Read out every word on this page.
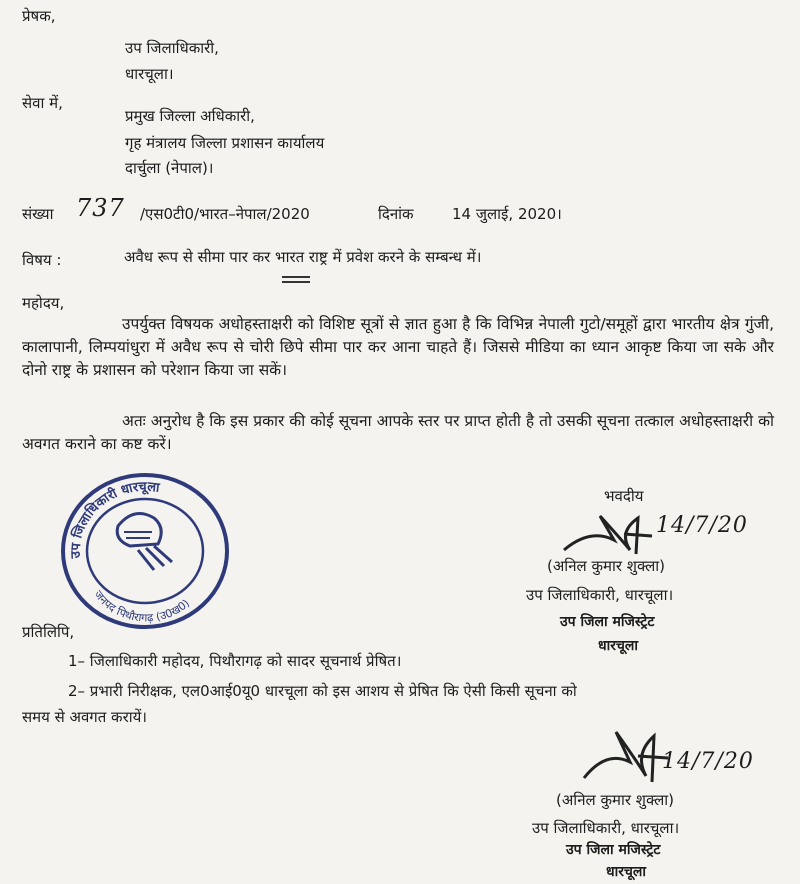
प्रेषक,
उप जिलाधिकारी,
धारचूला।
सेवा में,
प्रमुख जिल्ला अधिकारी,
गृह मंत्रालय जिल्ला प्रशासन कार्यालय
दार्चुला (नेपाल)।
संख्या 737 /एस0टी0/भारत–नेपाल/2020	दिनांक	14 जुलाई, 2020।
विषय :	अवैध रूप से सीमा पार कर भारत राष्ट्र में प्रवेश करने के सम्बन्ध में।
महोदय,
उपर्युक्त विषयक अधोहस्ताक्षरी को विशिष्ट सूत्रों से ज्ञात हुआ है कि विभिन्न नेपाली गुटो/समूहों द्वारा भारतीय क्षेत्र गुंजी, कालापानी, लिम्पयांधुरा में अवैध रूप से चोरी छिपे सीमा पार कर आना चाहते हैं। जिससे मीडिया का ध्यान आकृष्ट किया जा सके और दोनो राष्ट्र के प्रशासन को परेशान किया जा सकें।
अतः अनुरोध है कि इस प्रकार की कोई सूचना आपके स्तर पर प्राप्त होती है तो उसकी सूचना तत्काल अधोहस्ताक्षरी को अवगत कराने का कष्ट करें।
भवदीय
उप जिलाधिकारी धारचूला
जनपद पिथौरागढ़ (उ0ख0)
14/7/20
(अनिल कुमार शुक्ला)
उप जिलाधिकारी, धारचूला।
उप जिला मजिस्ट्रेट
धारचूला
प्रतिलिपि,
1– जिलाधिकारी महोदय, पिथौरागढ़ को सादर सूचनार्थ प्रेषित।
2– प्रभारी निरीक्षक, एल0आई0यू0 धारचूला को इस आशय से प्रेषित कि ऐसी किसी सूचना को
समय से अवगत करायें।
14/7/20
(अनिल कुमार शुक्ला)
उप जिलाधिकारी, धारचूला।
उप जिला मजिस्ट्रेट
धारचूला
